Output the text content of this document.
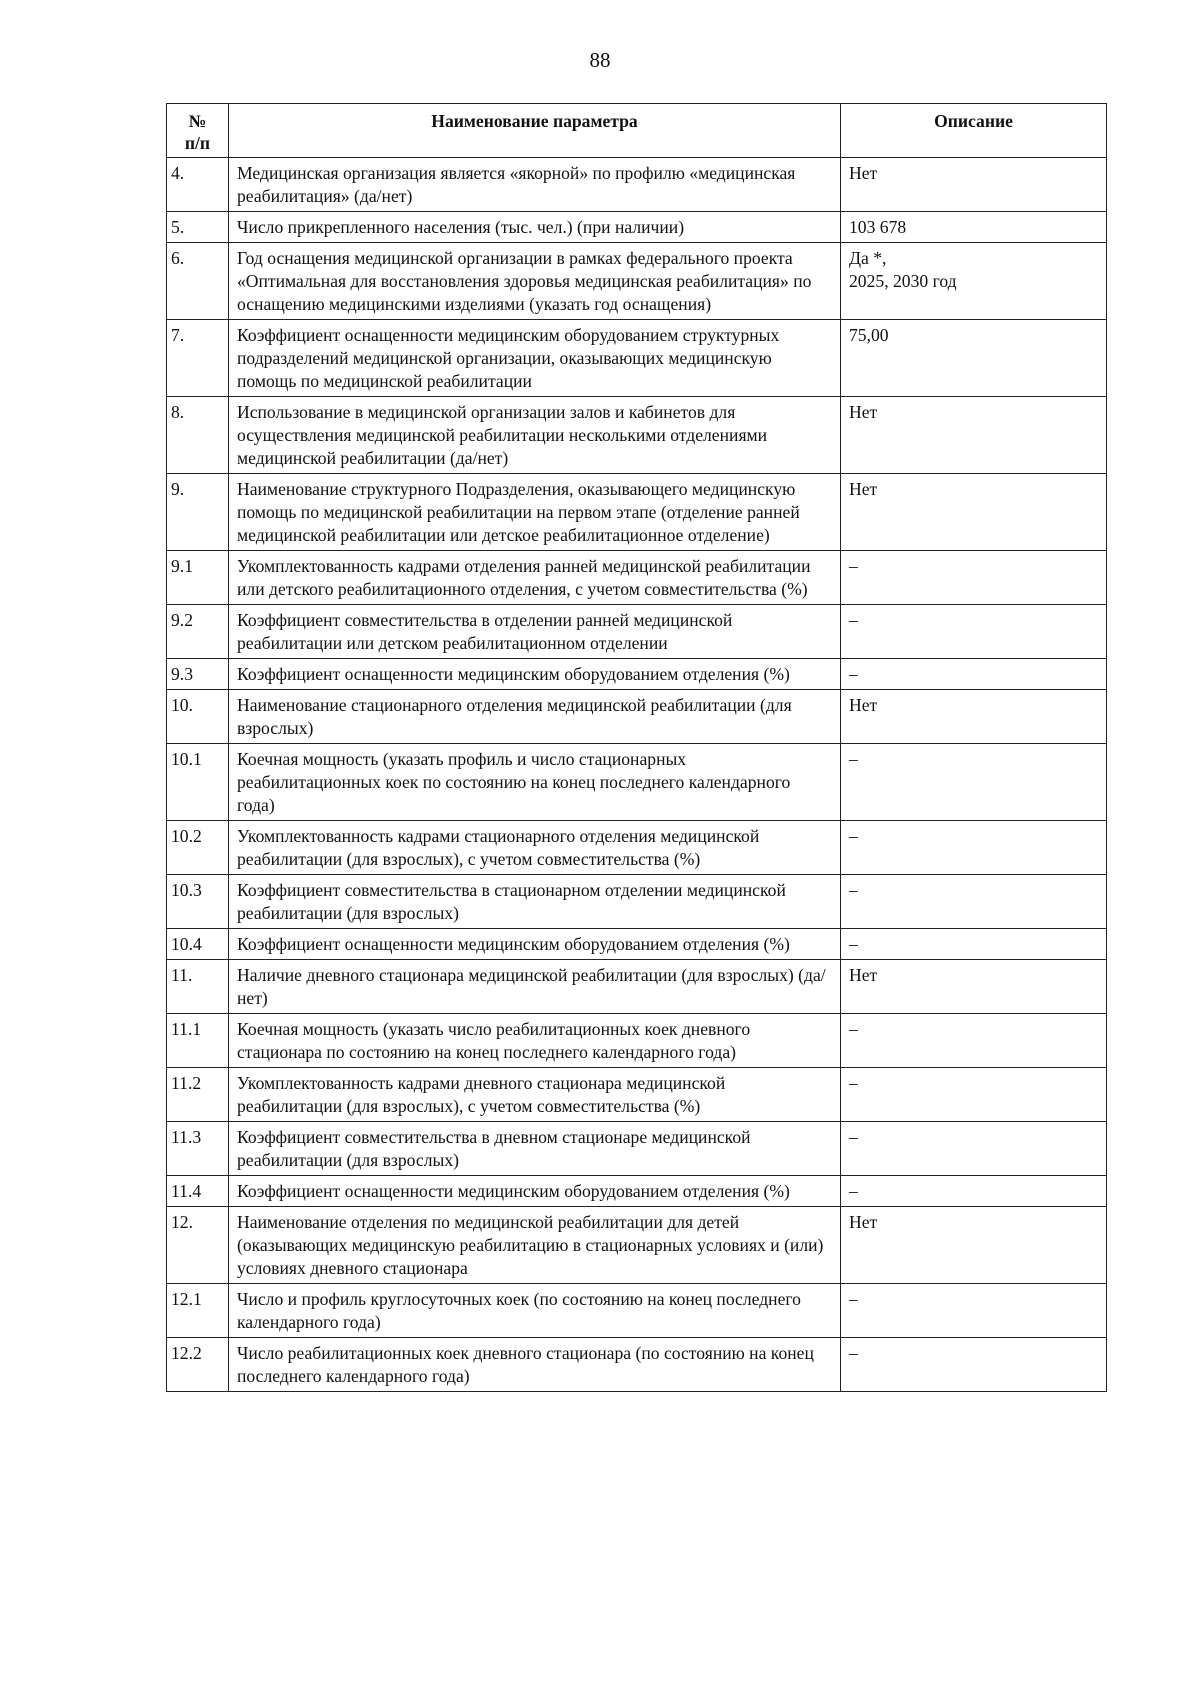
88
№
п/п	Наименование параметра	Описание
4.	Медицинская организация является «якорной» по профилю «медицинская реабилитация» (да/нет)	Нет

5.	Число прикрепленного населения (тыс. чел.) (при наличии)	103 678

6.	Год оснащения медицинской организации в рамках федерального проекта «Оптимальная для восстановления здоровья медицинская реабилитация» по оснащению медицинскими изделиями (указать год оснащения)	Да *,
2025, 2030 год

7.	Коэффициент оснащенности медицинским оборудованием структурных подразделений медицинской организации, оказывающих медицинскую помощь по медицинской реабилитации	75,00

8.	Использование в медицинской организации залов и кабинетов для осуществления медицинской реабилитации несколькими отделениями медицинской реабилитации (да/нет)	Нет

9.	Наименование структурного Подразделения, оказывающего медицинскую помощь по медицинской реабилитации на первом этапе (отделение ранней медицинской реабилитации или детское реабилитационное отделение)	Нет

9.1	Укомплектованность кадрами отделения ранней медицинской реабилитации или детского реабилитационного отделения, с учетом совместительства (%)	–

9.2	Коэффициент совместительства в отделении ранней медицинской реабилитации или детском реабилитационном отделении	–

9.3	Коэффициент оснащенности медицинским оборудованием отделения (%)	–

10.	Наименование стационарного отделения медицинской реабилитации (для взрослых)	Нет

10.1	Коечная мощность (указать профиль и число стационарных реабилитационных коек по состоянию на конец последнего календарного года)	–

10.2	Укомплектованность кадрами стационарного отделения медицинской реабилитации (для взрослых), с учетом совместительства (%)	–

10.3	Коэффициент совместительства в стационарном отделении медицинской реабилитации (для взрослых)	–

10.4	Коэффициент оснащенности медицинским оборудованием отделения (%)	–

11.	Наличие дневного стационара медицинской реабилитации (для взрослых) (да/нет)	Нет

11.1	Коечная мощность (указать число реабилитационных коек дневного стационара по состоянию на конец последнего календарного года)	–

11.2	Укомплектованность кадрами дневного стационара медицинской реабилитации (для взрослых), с учетом совместительства (%)	–

11.3	Коэффициент совместительства в дневном стационаре медицинской реабилитации (для взрослых)	–

11.4	Коэффициент оснащенности медицинским оборудованием отделения (%)	–

12.	Наименование отделения по медицинской реабилитации для детей (оказывающих медицинскую реабилитацию в стационарных условиях и (или) условиях дневного стационара	Нет

12.1	Число и профиль круглосуточных коек (по состоянию на конец последнего календарного года)	–

12.2	Число реабилитационных коек дневного стационара (по состоянию на конец последнего календарного года)	–
